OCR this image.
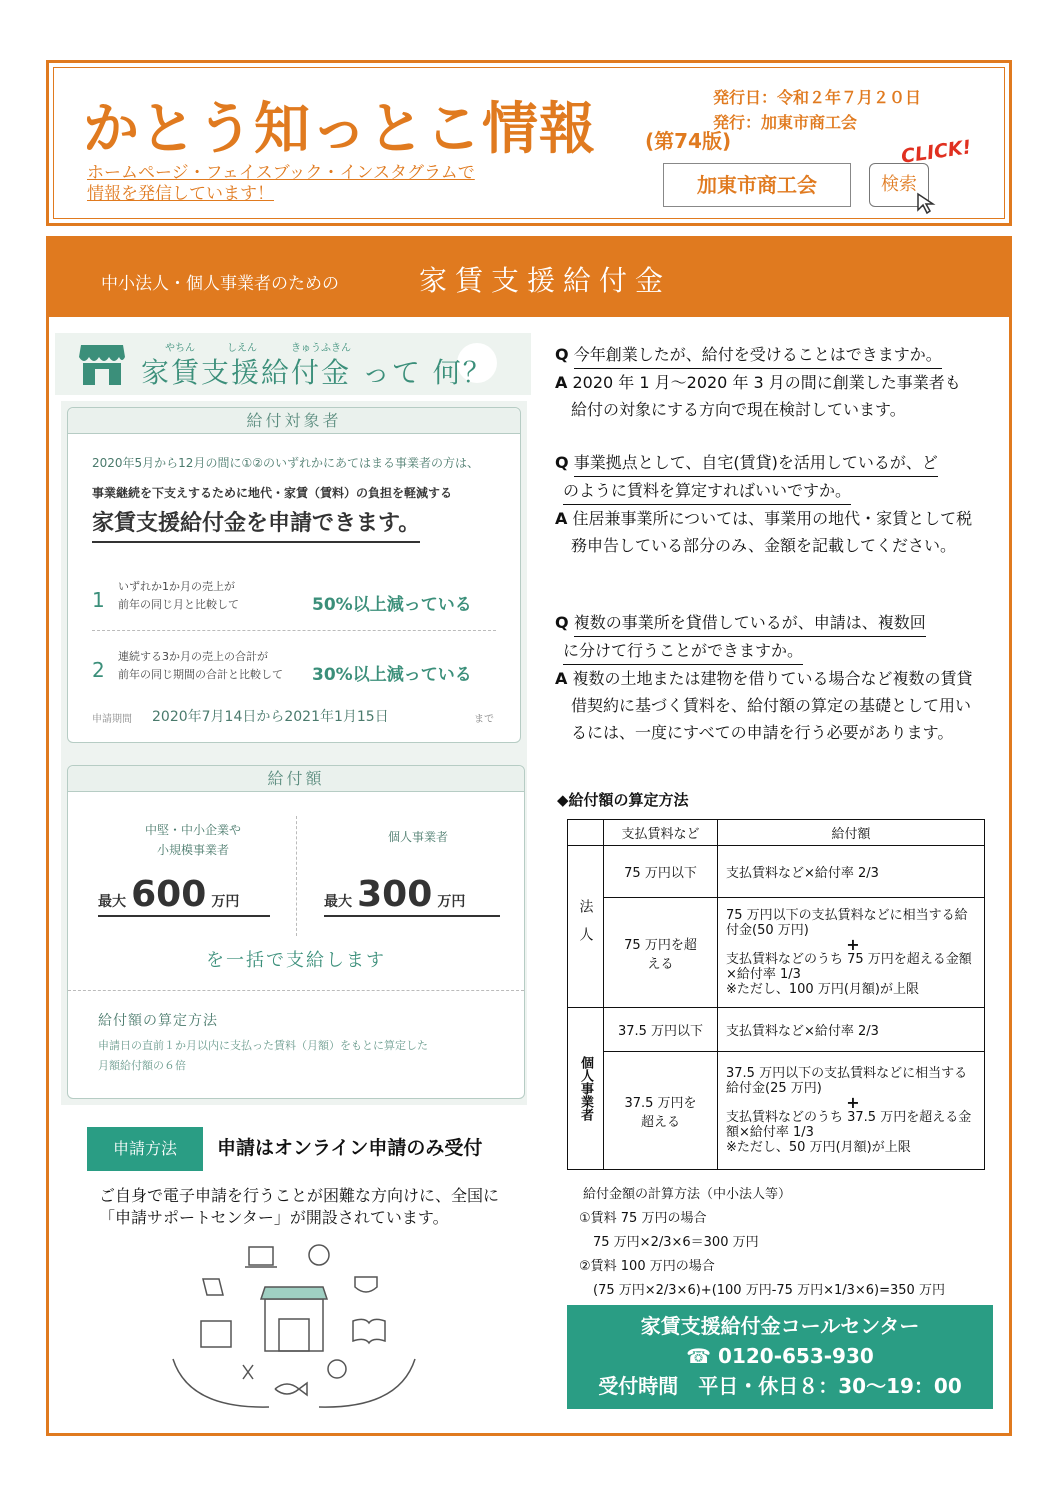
かとう知っとこ情報 (第74版)
ホームページ・フェイスブック・インスタグラムで
情報を発信しています！
発行日：令和２年７月２０日
発行：加東市商工会
加東市商工会	検索
CLICK!
中小法人・個人事業者のための	家賃支援給付金
やちん	しえん	きゅうふきん
家賃支援給付金 って 何？
給付対象者
2020年5月から12月の間に①②のいずれかにあてはまる事業者の方は、
事業継続を下支えするために地代・家賃（賃料）の負担を軽減する
家賃支援給付金を申請できます。
1
いずれか1か月の売上が
前年の同じ月と比較して	50%以上減っている
2
連続する3か月の売上の合計が
前年の同じ期間の合計と比較して 30%以上減っている
申請期間 2020年7月14日から2021年1月15日	まで
給付額
中堅・中小企業や
小規模事業者
個人事業者
最大 600 万円	最大 300 万円
を一括で支給します
給付額の算定方法
申請日の直前１か月以内に支払った賃料（月額）をもとに算定した
月額給付額の６倍
申請方法	申請はオンライン申請のみ受付
ご自身で電子申請を行うことが困難な方向けに、全国に「申請サポートセンター」が開設されています。
Q 今年創業したが、給付を受けることはできますか。
A 2020 年 1 月～2020 年 3 月の間に創業した事業者も給付の対象にする方向で現在検討しています。
Q 事業拠点として、自宅(賃貸)を活用しているが、ど
のように賃料を算定すればいいですか。
A 住居兼事業所については、事業用の地代・家賃として税務申告している部分のみ、金額を記載してください。
Q 複数の事業所を貸借しているが、申請は、複数回
に分けて行うことができますか。
A 複数の土地または建物を借りている場合など複数の賃貸借契約に基づく賃料を、給付額の算定の基礎として用いるには、一度にすべての申請を行う必要があります。
◆給付額の算定方法
	支払賃料など	給付額
法人	75 万円以下	支払賃料など×給付率 2/3
	75 万円を超える	75 万円以下の支払賃料などに相当する給付金(50 万円)
+
支払賃料などのうち 75 万円を超える金額×給付率 1/3
※ただし、100 万円(月額)が上限

個人事業者	37.5 万円以下	支払賃料など×給付率 2/3
	37.5 万円を超える	37.5 万円以下の支払賃料などに相当する給付金(25 万円)
+
支払賃料などのうち 37.5 万円を超える金額×給付率 1/3
※ただし、50 万円(月額)が上限
給付金額の計算方法（中小法人等）
①賃料 75 万円の場合
75 万円×2/3×6＝300 万円
②賃料 100 万円の場合
(75 万円×2/3×6)+(100 万円-75 万円×1/3×6)=350 万円
家賃支援給付金コールセンター
☎ 0120-653-930
受付時間　平日・休日８：30～19：00
